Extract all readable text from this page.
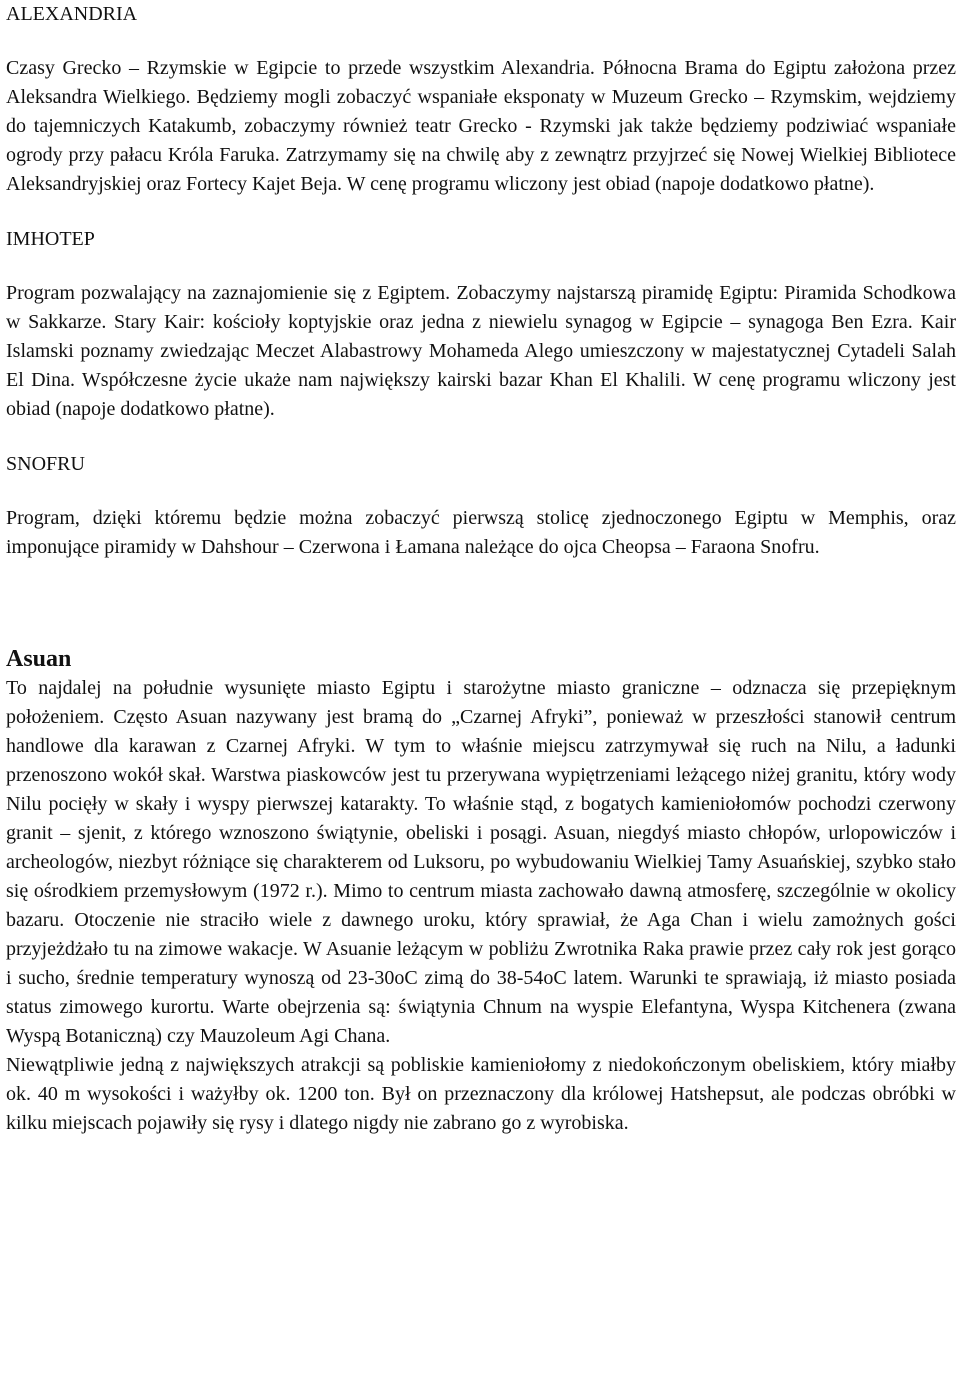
ALEXANDRIA

Czasy Grecko – Rzymskie w Egipcie to przede wszystkim Alexandria. Północna Brama do Egiptu założona przez Aleksandra Wielkiego. Będziemy mogli zobaczyć wspaniałe eksponaty w Muzeum Grecko – Rzymskim, wejdziemy do tajemniczych Katakumb, zobaczymy również teatr Grecko - Rzymski jak także będziemy podziwiać wspaniałe ogrody przy pałacu Króla Faruka. Zatrzymamy się na chwilę aby z zewnątrz przyjrzeć się Nowej Wielkiej Bibliotece Aleksandryjskiej oraz Fortecy Kajet Beja. W cenę programu wliczony jest obiad (napoje dodatkowo płatne).

IMHOTEP

Program pozwalający na zaznajomienie się z Egiptem. Zobaczymy najstarszą piramidę Egiptu: Piramida Schodkowa w Sakkarze. Stary Kair: kościoły koptyjskie oraz jedna z niewielu synagog w Egipcie – synagoga Ben Ezra. Kair Islamski poznamy zwiedzając Meczet Alabastrowy Mohameda Alego umieszczony w majestatycznej Cytadeli Salah El Dina. Współczesne życie ukaże nam największy kairski bazar Khan El Khalili. W cenę programu wliczony jest obiad (napoje dodatkowo płatne).

SNOFRU

Program, dzięki któremu będzie można zobaczyć pierwszą stolicę zjednoczonego Egiptu w Memphis, oraz imponujące piramidy w Dahshour – Czerwona i Łamana należące do ojca Cheopsa – Faraona Snofru.

Asuan

To najdalej na południe wysunięte miasto Egiptu i starożytne miasto graniczne – odznacza się przepięknym położeniem. Często Asuan nazywany jest bramą do „Czarnej Afryki”, ponieważ w przeszłości stanowił centrum handlowe dla karawan z Czarnej Afryki. W tym to właśnie miejscu zatrzymywał się ruch na Nilu, a ładunki przenoszono wokół skał. Warstwa piaskowców jest tu przerywana wypiętrzeniami leżącego niżej granitu, który wody Nilu pocięły w skały i wyspy pierwszej katarakty. To właśnie stąd, z bogatych kamieniołomów pochodzi czerwony granit – sjenit, z którego wznoszono świątynie, obeliski i posągi. Asuan, niegdyś miasto chłopów, urlopowiczów i archeologów, niezbyt różniące się charakterem od Luksoru, po wybudowaniu Wielkiej Tamy Asuańskiej, szybko stało się ośrodkiem przemysłowym (1972 r.). Mimo to centrum miasta zachowało dawną atmosferę, szczególnie w okolicy bazaru. Otoczenie nie straciło wiele z dawnego uroku, który sprawiał, że Aga Chan i wielu zamożnych gości przyjeżdżało tu na zimowe wakacje. W Asuanie leżącym w pobliżu Zwrotnika Raka prawie przez cały rok jest gorąco i sucho, średnie temperatury wynoszą od 23-30oC zimą do 38-54oC latem. Warunki te sprawiają, iż miasto posiada status zimowego kurortu. Warte obejrzenia są: świątynia Chnum na wyspie Elefantyna, Wyspa Kitchenera (zwana Wyspą Botaniczną) czy Mauzoleum Agi Chana.

Niewątpliwie jedną z największych atrakcji są pobliskie kamieniołomy z niedokończonym obeliskiem, który miałby ok. 40 m wysokości i ważyłby ok. 1200 ton. Był on przeznaczony dla królowej Hatshepsut, ale podczas obróbki w kilku miejscach pojawiły się rysy i dlatego nigdy nie zabrano go z wyrobiska.
